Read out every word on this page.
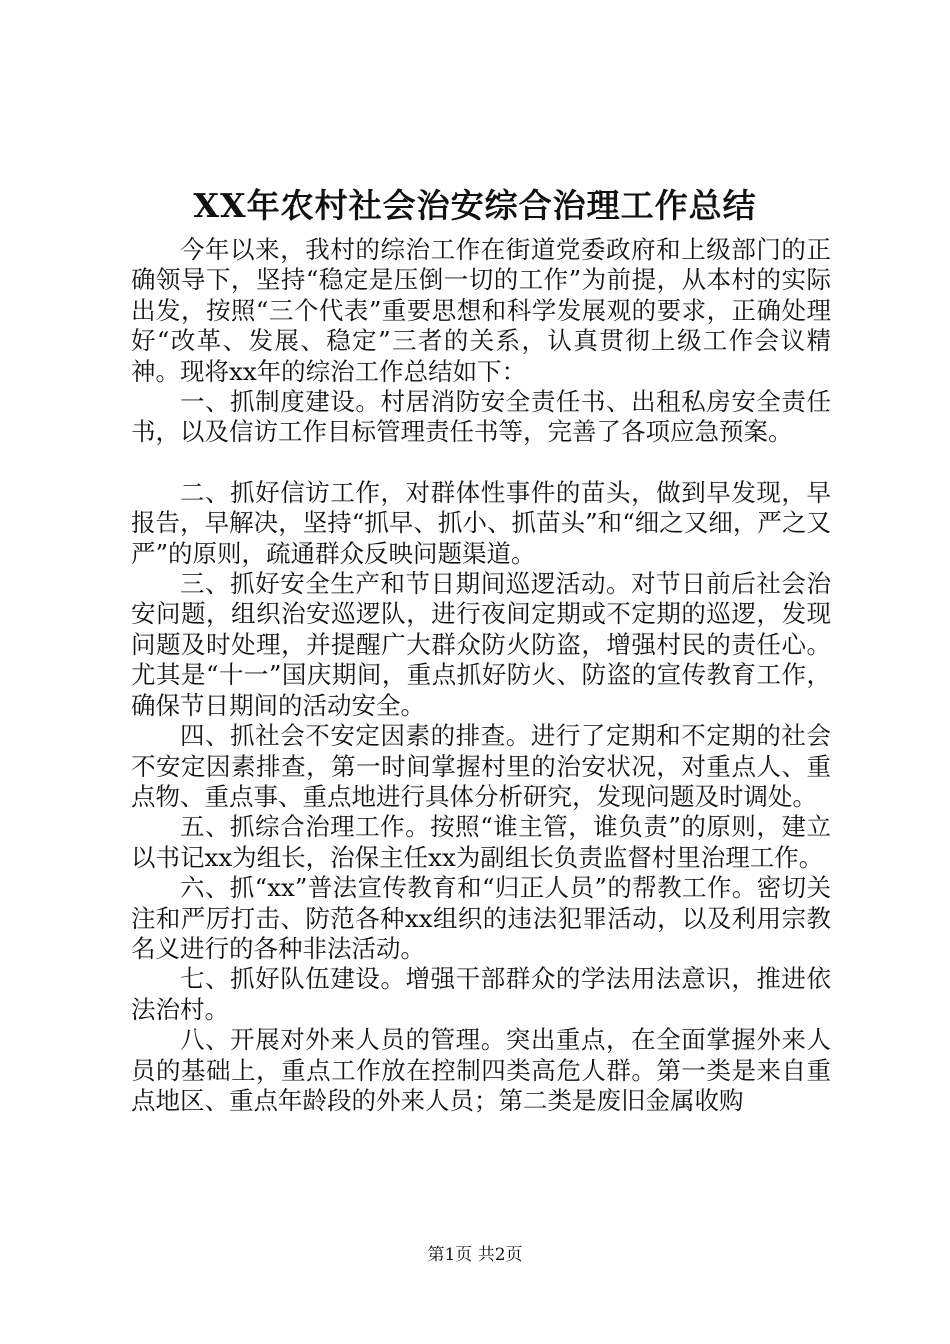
XX年农村社会治安综合治理工作总结

今年以来，我村的综治工作在街道党委政府和上级部门的正确领导下，坚持“稳定是压倒一切的工作”为前提，从本村的实际出发，按照“三个代表”重要思想和科学发展观的要求，正确处理好“改革、发展、稳定”三者的关系，认真贯彻上级工作会议精神。现将xx年的综治工作总结如下：

一、抓制度建设。村居消防安全责任书、出租私房安全责任书，以及信访工作目标管理责任书等，完善了各项应急预案。

二、抓好信访工作，对群体性事件的苗头，做到早发现，早报告，早解决，坚持“抓早、抓小、抓苗头”和“细之又细，严之又严”的原则，疏通群众反映问题渠道。

三、抓好安全生产和节日期间巡逻活动。对节日前后社会治安问题，组织治安巡逻队，进行夜间定期或不定期的巡逻，发现问题及时处理，并提醒广大群众防火防盗，增强村民的责任心。尤其是“十一”国庆期间，重点抓好防火、防盗的宣传教育工作，确保节日期间的活动安全。

四、抓社会不安定因素的排查。进行了定期和不定期的社会不安定因素排查，第一时间掌握村里的治安状况，对重点人、重点物、重点事、重点地进行具体分析研究，发现问题及时调处。

五、抓综合治理工作。按照“谁主管，谁负责”的原则，建立以书记xx为组长，治保主任xx为副组长负责监督村里治理工作。

六、抓“xx”普法宣传教育和“归正人员”的帮教工作。密切关注和严厉打击、防范各种xx组织的违法犯罪活动，以及利用宗教名义进行的各种非法活动。

七、抓好队伍建设。增强干部群众的学法用法意识，推进依法治村。

八、开展对外来人员的管理。突出重点，在全面掌握外来人员的基础上，重点工作放在控制四类高危人群。第一类是来自重点地区、重点年龄段的外来人员；第二类是废旧金属收购

第1页 共2页
